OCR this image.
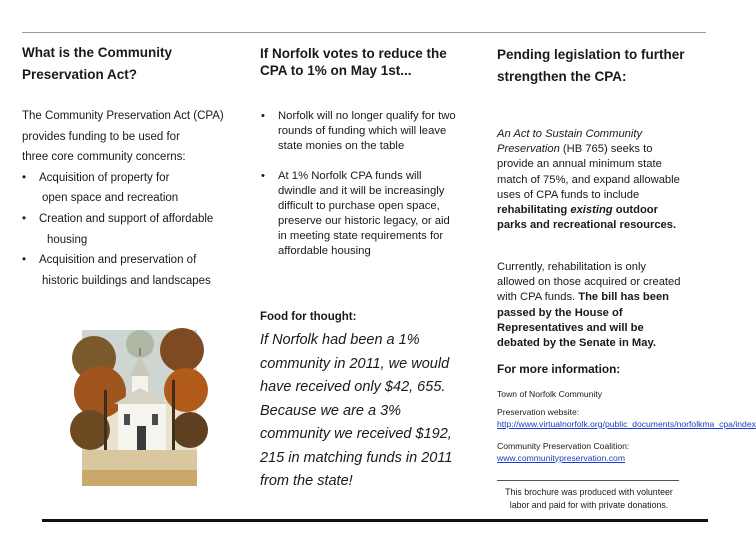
What is the Community Preservation Act?

The Community Preservation Act (CPA)

provides funding to be used for

three core community concerns:

• Acquisition of property for
open space and recreation
• Creation and support of affordable
housing
• Acquisition and preservation of
historic buildings and landscapes
If Norfolk votes to reduce the CPA to 1% on May 1st...
• Norfolk will no longer qualify for two rounds of funding which will leave state monies on the table
• At 1% Norfolk CPA funds will dwindle and it will be increasingly difficult to purchase open space, preserve our historic legacy, or aid in meeting state requirements for affordable housing
Food for thought:

If Norfolk had been a 1% community in 2011, we would have received only $42, 655. Because we are a 3% community we received $192, 215 in matching funds in 2011 from the state!

Pending legislation to further strengthen the CPA:

An Act to Sustain Community Preservation (HB 765) seeks to provide an annual minimum state match of 75%, and expand allowable uses of CPA funds to include rehabilitating existing outdoor parks and recreational resources.

Currently, rehabilitation is only allowed on those acquired or created with CPA funds. The bill has been passed by the House of Representatives and will be debated by the Senate in May.

For more information:

Town of Norfolk Community

Preservation website:
http://www.virtualnorfolk.org/public_documents/norfolkma_cpa/index

Community Preservation Coalition:
www.communitypreservation.com

This brochure was produced with volunteer labor and paid for with private donations.
